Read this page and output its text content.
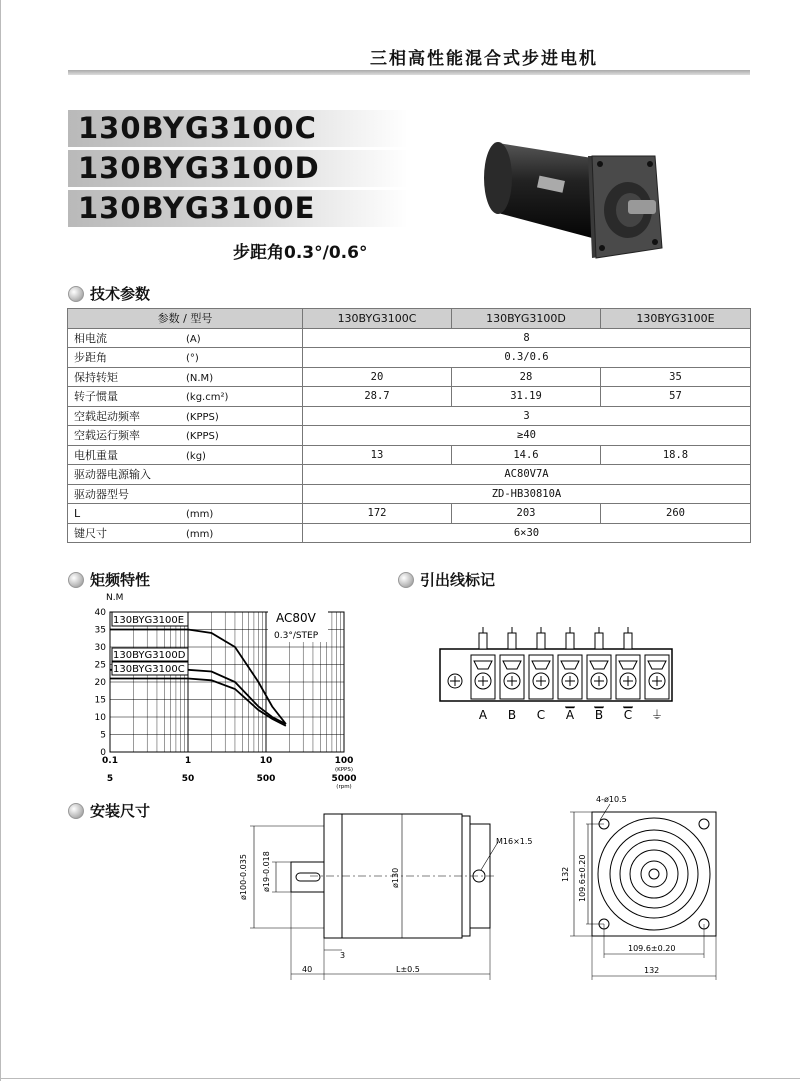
三相高性能混合式步进电机
130BYG3100C
130BYG3100D
130BYG3100E
步距角0.3°/0.6°
技术参数
参数 / 型号	130BYG3100C	130BYG3100D	130BYG3100E
相电流 (A)	8		
步距角 (°)	0.3/0.6		
保持转矩 (N.M)	20	28	35
转子惯量 (kg.cm²)	28.7	31.19	57
空载起动频率 (KPPS)	3		
空载运行频率 (KPPS)	≥40		
电机重量 (kg)	13	14.6	18.8
驱动器电源输入	AC80V7A		
驱动器型号	ZD-HB30810A		
L (mm)	172	203	260
键尺寸 (mm)	6×30		
矩频特性
N.M
40
35
30
25
20
15
10
5
0
0.1
5
1
50
10
500
100
5000
(KPPS)
(rpm)
130BYG3100E
130BYG3100D
130BYG3100C
AC80V
0.3°/STEP
引出线标记
A B C A B C ⏚
安装尺寸
ø100-0.035 ø19-0.018	ø130
M16×1.5
3
40	L±0.5
4-ø10.5
132 109.6±0.20
109.6±0.20
132
